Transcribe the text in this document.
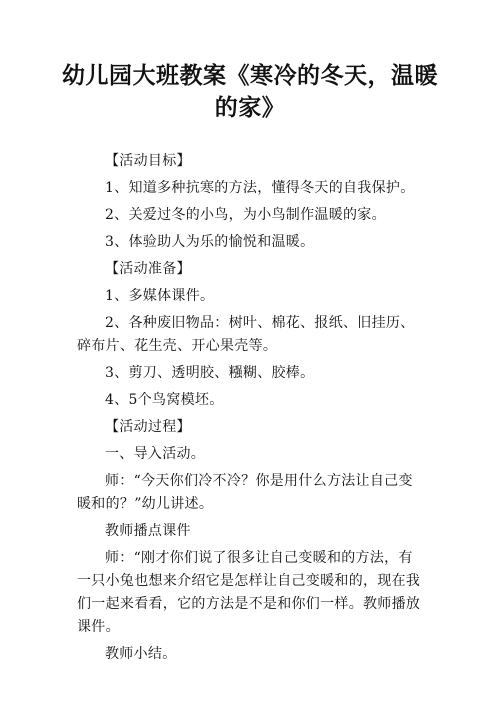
幼儿园大班教案《寒冷的冬天，温暖的家》

【活动目标】

1、知道多种抗寒的方法，懂得冬天的自我保护。

2、关爱过冬的小鸟，为小鸟制作温暖的家。

3、体验助人为乐的愉悦和温暖。

【活动准备】

1、多媒体课件。

2、各种废旧物品：树叶、棉花、报纸、旧挂历、碎布片、花生壳、开心果壳等。

3、剪刀、透明胶、糨糊、胶棒。

4、5个鸟窝模坯。

【活动过程】

一、导入活动。

师：“今天你们冷不冷？你是用什么方法让自己变暖和的？”幼儿讲述。

教师播点课件

师：“刚才你们说了很多让自己变暖和的方法，有一只小兔也想来介绍它是怎样让自己变暖和的，现在我们一起来看看，它的方法是不是和你们一样。教师播放课件。

教师小结。
